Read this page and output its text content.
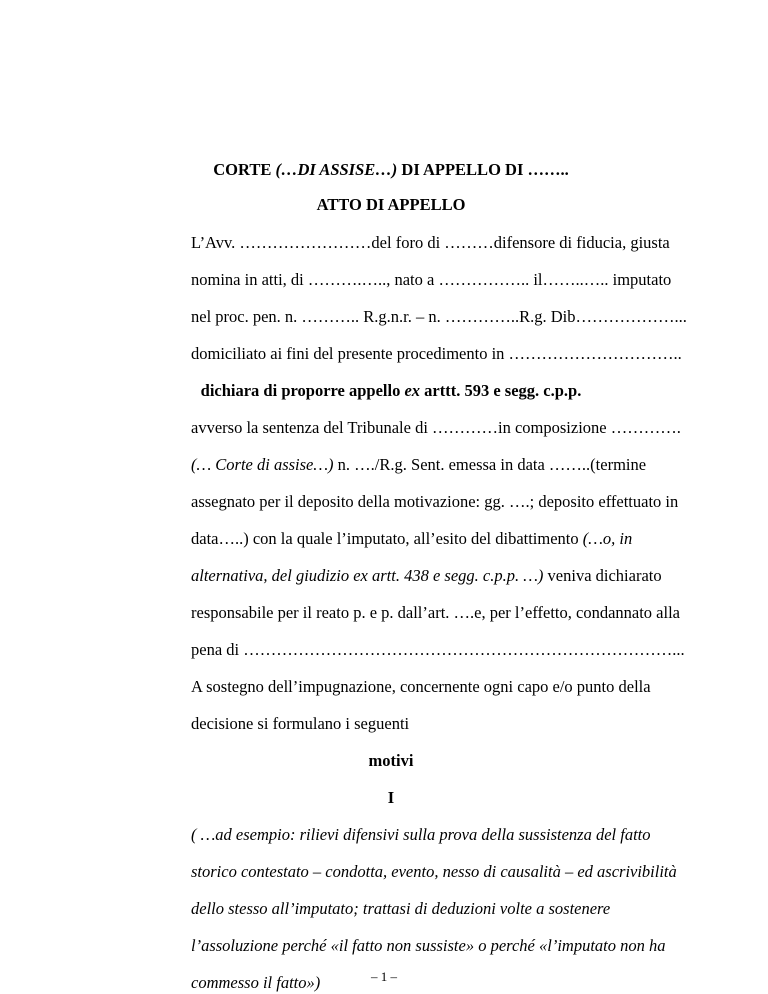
CORTE (…DI ASSISE…) DI APPELLO DI ……..
ATTO DI APPELLO
L’Avv. ……………………del foro di ………difensore di fiducia, giusta
nomina in atti, di ……….….., nato a …………….. il……..….. imputato
nel proc. pen. n. ……….. R.g.n.r. – n. …………..R.g. Dib………………...
domiciliato ai fini del presente procedimento in …………………………..
dichiara di proporre appello ex arttt. 593 e segg. c.p.p.
avverso la sentenza del Tribunale di …………in composizione ………….
(… Corte di assise…) n. …./R.g. Sent. emessa in data ……..(termine
assegnato per il deposito della motivazione: gg. ….; deposito effettuato in
data…..) con la quale l’imputato, all’esito del dibattimento (…o, in
alternativa, del giudizio ex artt. 438 e segg. c.p.p. …) veniva dichiarato
responsabile per il reato p. e p. dall’art. ….e, per l’effetto, condannato alla
pena di ……………………………………………………………………...
A sostegno dell’impugnazione, concernente ogni capo e/o punto della
decisione si formulano i seguenti
motivi
I
( …ad esempio: rilievi difensivi sulla prova della sussistenza del fatto
storico contestato – condotta, evento, nesso di causalità – ed ascrivibilità
dello stesso all’imputato; trattasi di deduzioni volte a sostenere
l’assoluzione perché «il fatto non sussiste» o perché «l’imputato non ha
commesso il fatto»)	– 1 –
